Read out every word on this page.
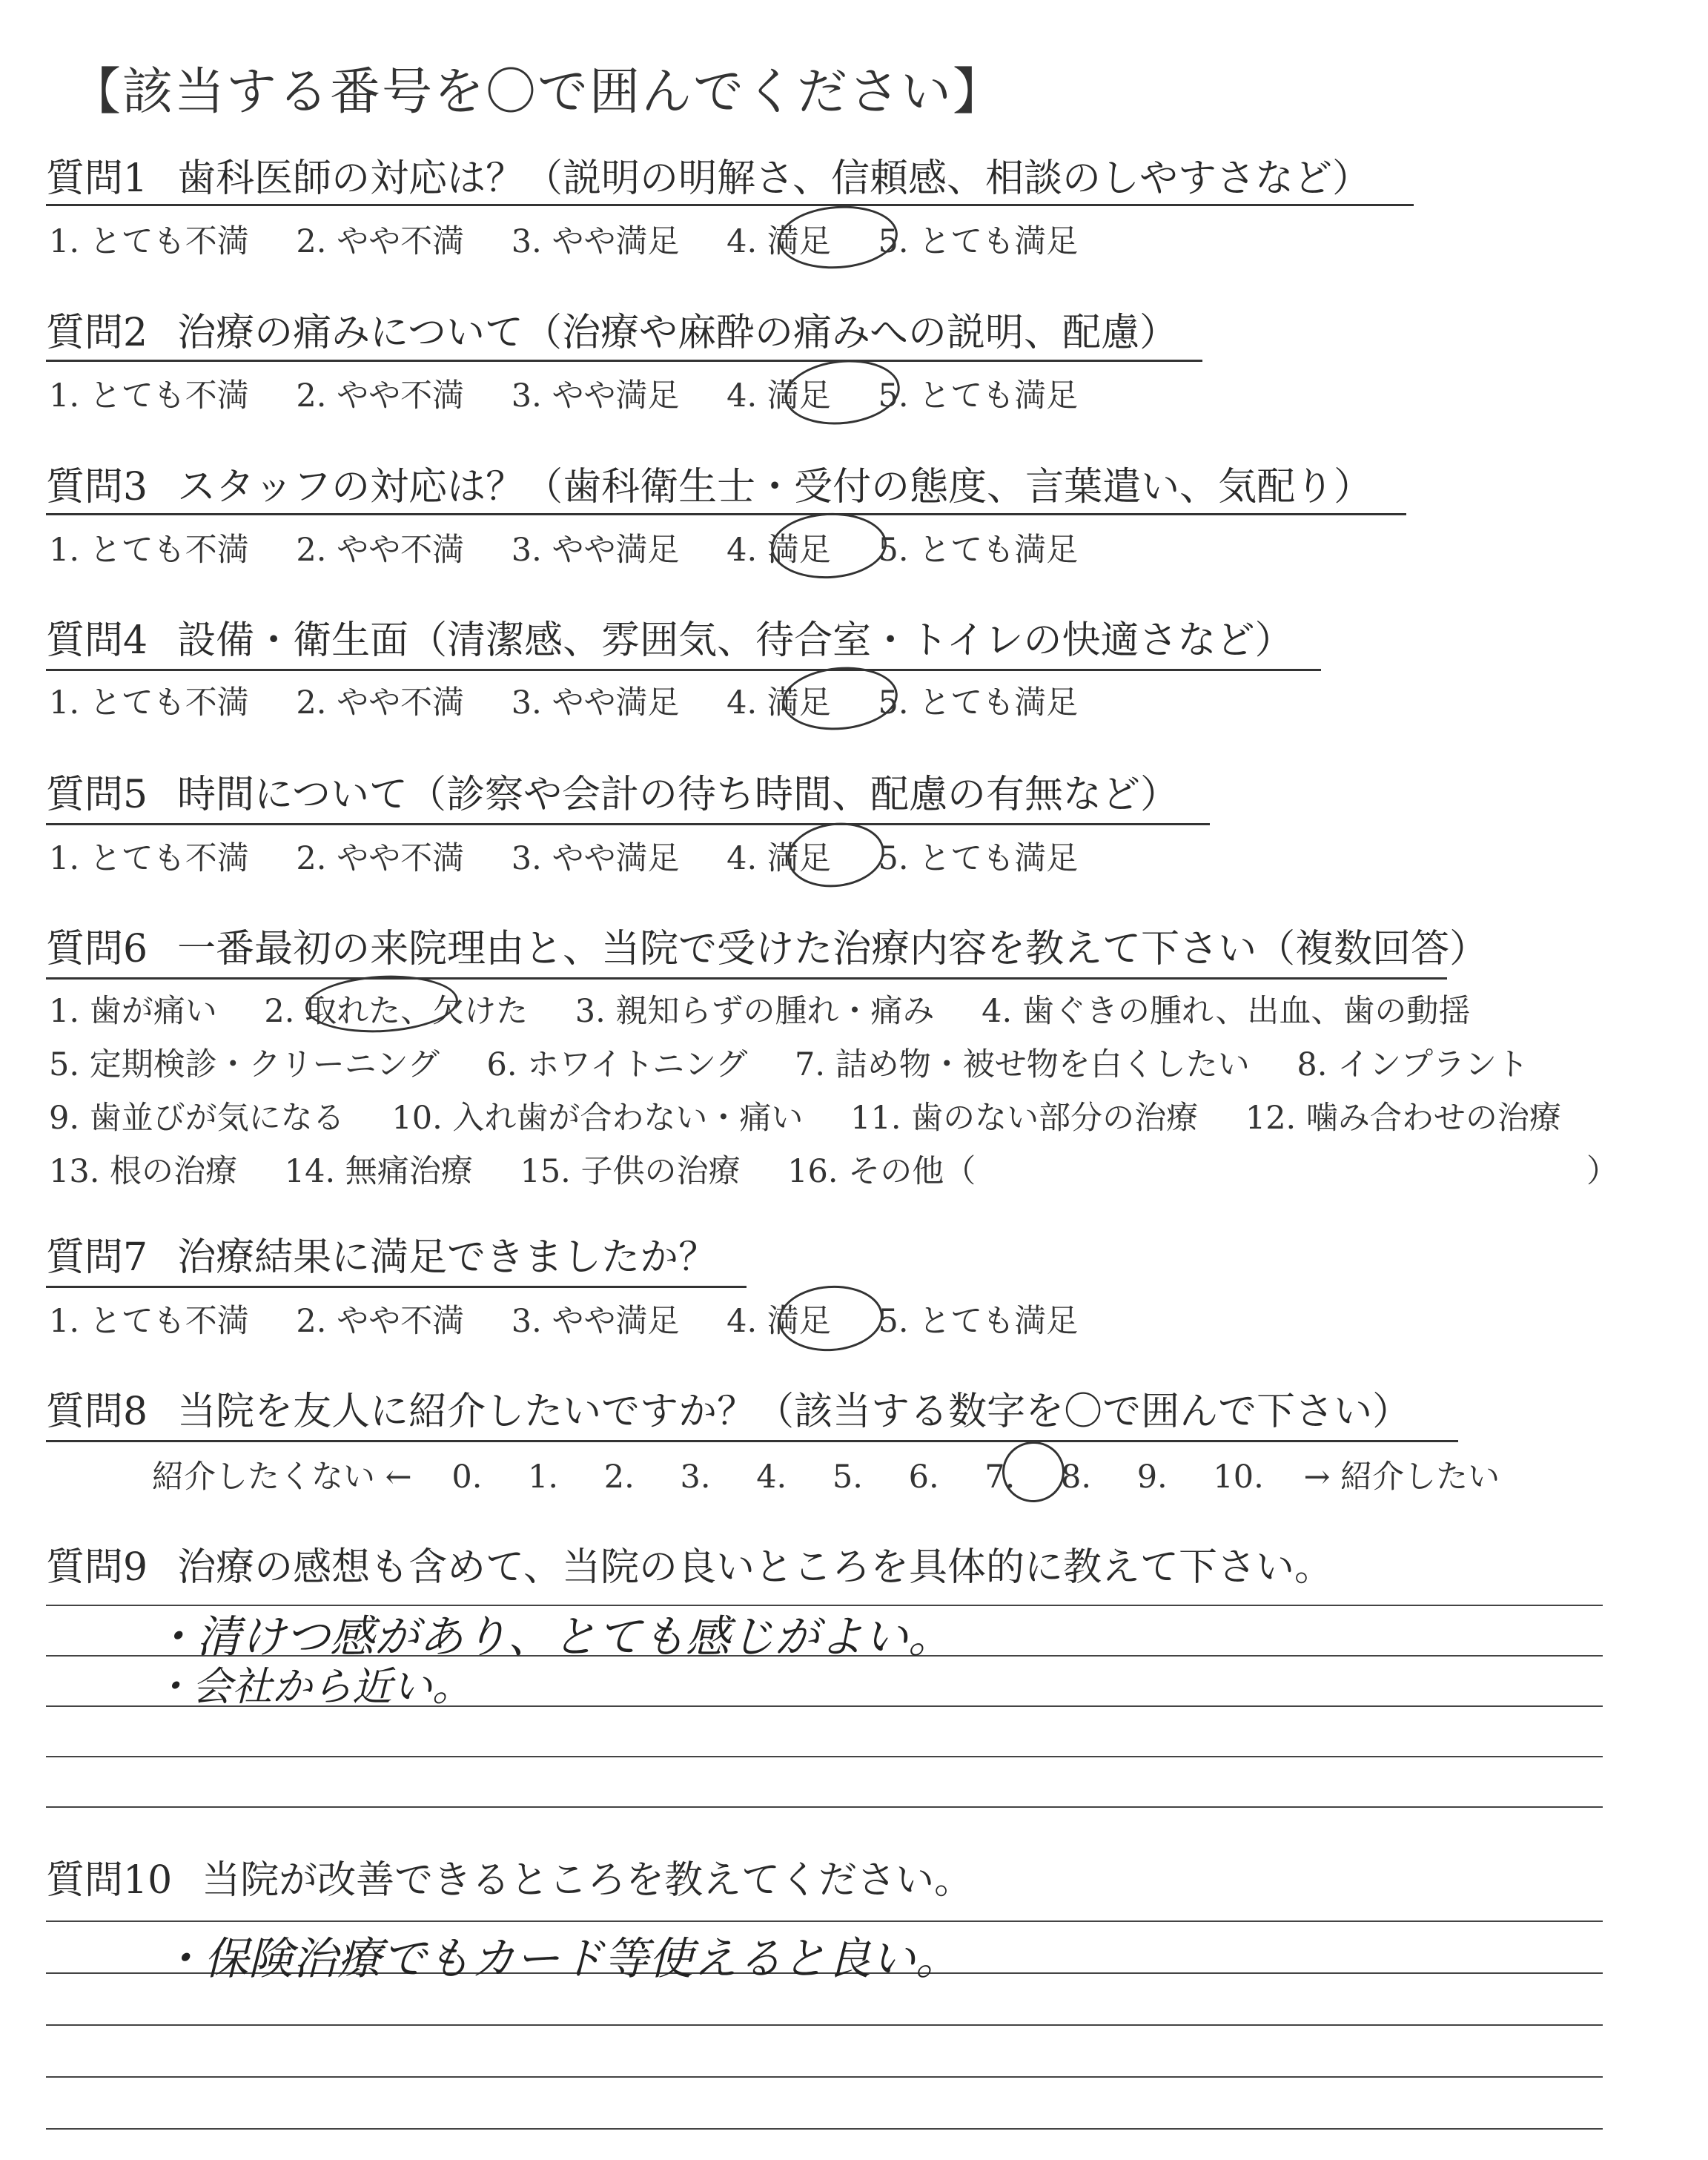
【該当する番号を〇で囲んでください】
質問1 歯科医師の対応は？（説明の明解さ、信頼感、相談のしやすさなど）
1. とても不満 2. やや不満 3. やや満足 4. 満足 5. とても満足
質問2 治療の痛みについて（治療や麻酔の痛みへの説明、配慮）
1. とても不満 2. やや不満 3. やや満足 4. 満足 5. とても満足
質問3 スタッフの対応は？（歯科衛生士・受付の態度、言葉遣い、気配り）
1. とても不満 2. やや不満 3. やや満足 4. 満足 5. とても満足
質問4 設備・衛生面（清潔感、雰囲気、待合室・トイレの快適さなど）
1. とても不満 2. やや不満 3. やや満足 4. 満足 5. とても満足
質問5 時間について（診察や会計の待ち時間、配慮の有無など）
1. とても不満 2. やや不満 3. やや満足 4. 満足 5. とても満足
質問6 一番最初の来院理由と、当院で受けた治療内容を教えて下さい（複数回答）
1. 歯が痛い 2. 取れた、欠けた 3. 親知らずの腫れ・痛み 4. 歯ぐきの腫れ、出血、歯の動揺
5. 定期検診・クリーニング 6. ホワイトニング 7. 詰め物・被せ物を白くしたい 8. インプラント
9. 歯並びが気になる 10. 入れ歯が合わない・痛い 11. 歯のない部分の治療 12. 噛み合わせの治療
13. 根の治療 14. 無痛治療 15. 子供の治療 16. その他（	）
質問7 治療結果に満足できましたか？
1. とても不満 2. やや不満 3. やや満足 4. 満足 5. とても満足
質問8 当院を友人に紹介したいですか？（該当する数字を〇で囲んで下さい）
紹介したくない ← 0. 1. 2. 3. 4. 5. 6. 7. 8. 9. 10. → 紹介したい
質問9 治療の感想も含めて、当院の良いところを具体的に教えて下さい。
・清けつ感があり、とても感じがよい。
・会社から近い。
質問10 当院が改善できるところを教えてください。
・保険治療でもカード等使えると良い。
